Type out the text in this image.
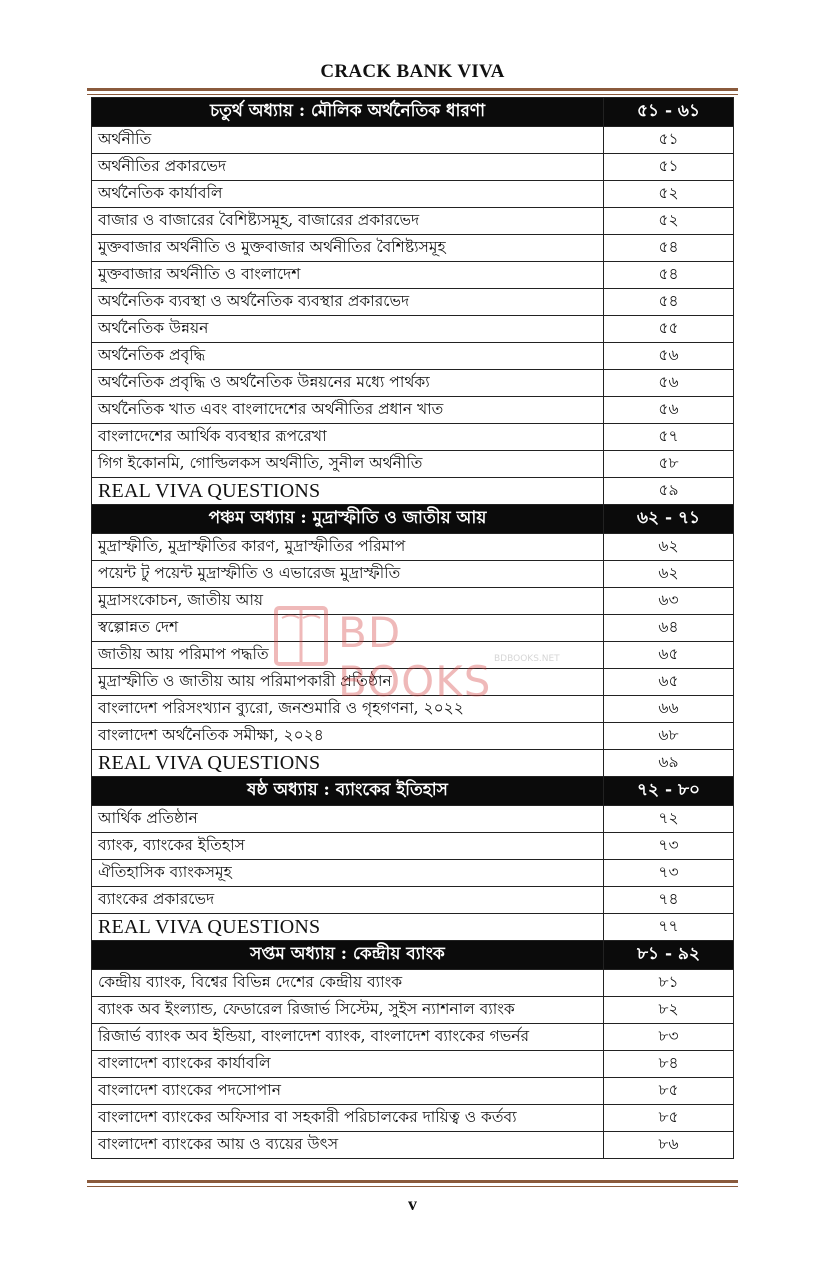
CRACK BANK VIVA
চতুর্থ অধ্যায় : মৌলিক অর্থনৈতিক ধারণা	৫১ - ৬১
অর্থনীতি	৫১
অর্থনীতির প্রকারভেদ	৫১
অর্থনৈতিক কার্যাবলি	৫২
বাজার ও বাজারের বৈশিষ্ট্যসমূহ, বাজারের প্রকারভেদ	৫২
মুক্তবাজার অর্থনীতি ও মুক্তবাজার অর্থনীতির বৈশিষ্ট্যসমূহ	৫৪
মুক্তবাজার অর্থনীতি ও বাংলাদেশ	৫৪
অর্থনৈতিক ব্যবস্থা ও অর্থনৈতিক ব্যবস্থার প্রকারভেদ	৫৪
অর্থনৈতিক উন্নয়ন	৫৫
অর্থনৈতিক প্রবৃদ্ধি	৫৬
অর্থনৈতিক প্রবৃদ্ধি ও অর্থনৈতিক উন্নয়নের মধ্যে পার্থক্য	৫৬
অর্থনৈতিক খাত এবং বাংলাদেশের অর্থনীতির প্রধান খাত	৫৬
বাংলাদেশের আর্থিক ব্যবস্থার রূপরেখা	৫৭
গিগ ইকোনমি, গোল্ডিলকস অর্থনীতি, সুনীল অর্থনীতি	৫৮
REAL VIVA QUESTIONS	৫৯
পঞ্চম অধ্যায় : মুদ্রাস্ফীতি ও জাতীয় আয়	৬২ - ৭১
মুদ্রাস্ফীতি, মুদ্রাস্ফীতির কারণ, মুদ্রাস্ফীতির পরিমাপ	৬২
পয়েন্ট টু পয়েন্ট মুদ্রাস্ফীতি ও এভারেজ মুদ্রাস্ফীতি	৬২
মুদ্রাসংকোচন, জাতীয় আয়	৬৩
স্বল্পোন্নত দেশ	৬৪
জাতীয় আয় পরিমাপ পদ্ধতি	৬৫
মুদ্রাস্ফীতি ও জাতীয় আয় পরিমাপকারী প্রতিষ্ঠান	৬৫
বাংলাদেশ পরিসংখ্যান ব্যুরো, জনশুমারি ও গৃহগণনা, ২০২২	৬৬
বাংলাদেশ অর্থনৈতিক সমীক্ষা, ২০২৪	৬৮
REAL VIVA QUESTIONS	৬৯
ষষ্ঠ অধ্যায় : ব্যাংকের ইতিহাস	৭২ - ৮০
আর্থিক প্রতিষ্ঠান	৭২
ব্যাংক, ব্যাংকের ইতিহাস	৭৩
ঐতিহাসিক ব্যাংকসমূহ	৭৩
ব্যাংকের প্রকারভেদ	৭৪
REAL VIVA QUESTIONS	৭৭
সপ্তম অধ্যায় : কেন্দ্রীয় ব্যাংক	৮১ - ৯২
কেন্দ্রীয় ব্যাংক, বিশ্বের বিভিন্ন দেশের কেন্দ্রীয় ব্যাংক	৮১
ব্যাংক অব ইংল্যান্ড, ফেডারেল রিজার্ভ সিস্টেম, সুইস ন্যাশনাল ব্যাংক	৮২
রিজার্ভ ব্যাংক অব ইন্ডিয়া, বাংলাদেশ ব্যাংক, বাংলাদেশ ব্যাংকের গভর্নর	৮৩
বাংলাদেশ ব্যাংকের কার্যাবলি	৮৪
বাংলাদেশ ব্যাংকের পদসোপান	৮৫
বাংলাদেশ ব্যাংকের অফিসার বা সহকারী পরিচালকের দায়িত্ব ও কর্তব্য	৮৫
বাংলাদেশ ব্যাংকের আয় ও ব্যয়ের উৎস	৮৬
BD BOOKS BDBOOKS.NET
v
